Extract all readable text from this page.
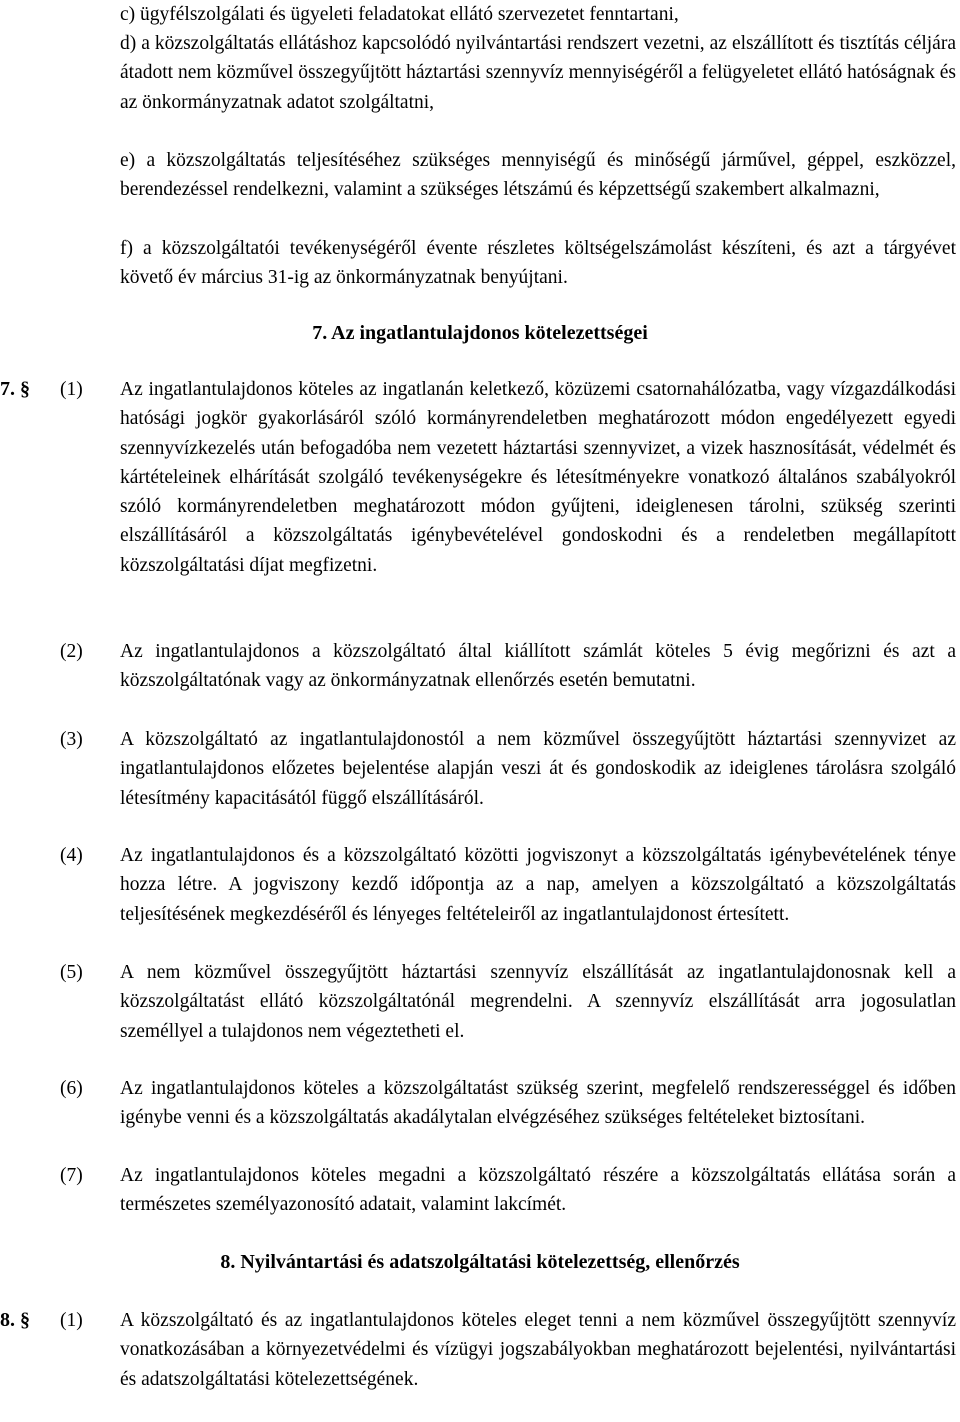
c) ügyfélszolgálati és ügyeleti feladatokat ellátó szervezetet fenntartani,
d) a közszolgáltatás ellátáshoz kapcsolódó nyilvántartási rendszert vezetni, az elszállított és tisztítás céljára átadott nem közművel összegyűjtött háztartási szennyvíz mennyiségéről a felügyeletet ellátó hatóságnak és az önkormányzatnak adatot szolgáltatni,
e) a közszolgáltatás teljesítéséhez szükséges mennyiségű és minőségű járművel, géppel, eszközzel, berendezéssel rendelkezni, valamint a szükséges létszámú és képzettségű szakembert alkalmazni,
f) a közszolgáltatói tevékenységéről évente részletes költségelszámolást készíteni, és azt a tárgyévet követő év március 31-ig az önkormányzatnak benyújtani.
7. Az ingatlantulajdonos kötelezettségei
7. § (1) Az ingatlantulajdonos köteles az ingatlanán keletkező, közüzemi csatornahálózatba, vagy vízgazdálkodási hatósági jogkör gyakorlásáról szóló kormányrendeletben meghatározott módon engedélyezett egyedi szennyvízkezelés után befogadóba nem vezetett háztartási szennyvizet, a vizek hasznosítását, védelmét és kártételeinek elhárítását szolgáló tevékenységekre és létesítményekre vonatkozó általános szabályokról szóló kormányrendeletben meghatározott módon gyűjteni, ideiglenesen tárolni, szükség szerinti elszállításáról a közszolgáltatás igénybevételével gondoskodni és a rendeletben megállapított közszolgáltatási díjat megfizetni.
(2) Az ingatlantulajdonos a közszolgáltató által kiállított számlát köteles 5 évig megőrizni és azt a közszolgáltatónak vagy az önkormányzatnak ellenőrzés esetén bemutatni.
(3) A közszolgáltató az ingatlantulajdonostól a nem közművel összegyűjtött háztartási szennyvizet az ingatlantulajdonos előzetes bejelentése alapján veszi át és gondoskodik az ideiglenes tárolásra szolgáló létesítmény kapacitásától függő elszállításáról.
(4) Az ingatlantulajdonos és a közszolgáltató közötti jogviszonyt a közszolgáltatás igénybevételének ténye hozza létre. A jogviszony kezdő időpontja az a nap, amelyen a közszolgáltató a közszolgáltatás teljesítésének megkezdéséről és lényeges feltételeiről az ingatlantulajdonost értesített.
(5) A nem közművel összegyűjtött háztartási szennyvíz elszállítását az ingatlantulajdonosnak kell a közszolgáltatást ellátó közszolgáltatónál megrendelni. A szennyvíz elszállítását arra jogosulatlan személlyel a tulajdonos nem végeztetheti el.
(6) Az ingatlantulajdonos köteles a közszolgáltatást szükség szerint, megfelelő rendszerességgel és időben igénybe venni és a közszolgáltatás akadálytalan elvégzéséhez szükséges feltételeket biztosítani.
(7) Az ingatlantulajdonos köteles megadni a közszolgáltató részére a közszolgáltatás ellátása során a természetes személyazonosító adatait, valamint lakcímét.
8. Nyilvántartási és adatszolgáltatási kötelezettség, ellenőrzés
8. § (1) A közszolgáltató és az ingatlantulajdonos köteles eleget tenni a nem közművel összegyűjtött szennyvíz vonatkozásában a környezetvédelmi és vízügyi jogszabályokban meghatározott bejelentési, nyilvántartási és adatszolgáltatási kötelezettségének.
